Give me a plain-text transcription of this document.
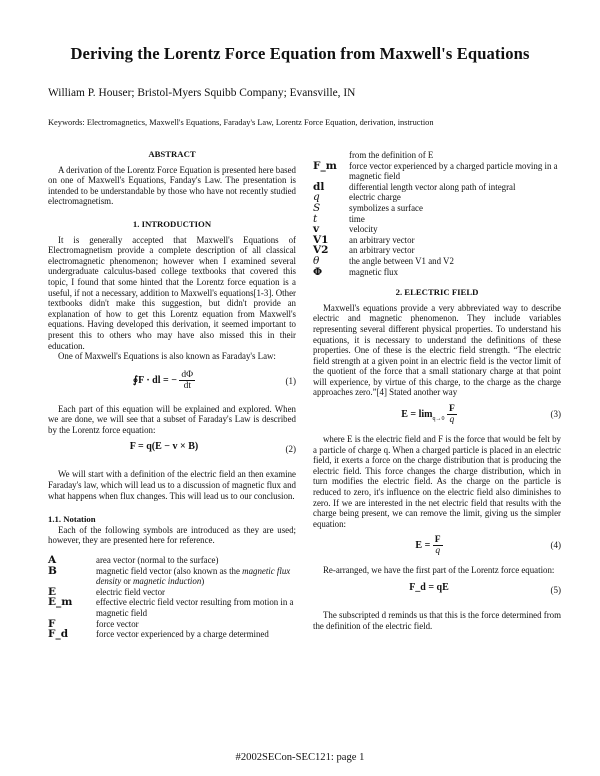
Deriving the Lorentz Force Equation from Maxwell's Equations
William P. Houser; Bristol-Myers Squibb Company; Evansville, IN
Keywords: Electromagnetics, Maxwell's Equations, Faraday's Law, Lorentz Force Equation, derivation, instruction
ABSTRACT

A derivation of the Lorentz Force Equation is presented here based on one of Maxwell's Equations, Fanday's Law. The presentation is intended to be understandable by those who have not recently studied electromagnetism.

1. INTRODUCTION

It is generally accepted that Maxwell's Equations of Electromagnetism provide a complete description of all classical electromagnetic phenomenon; however when I examined several undergraduate calculus-based college textbooks that covered this topic, I found that some hinted that the Lorentz force equation is a useful, if not a necessary, addition to Maxwell's equations[1-3]. Other textbooks didn't make this suggestion, but didn't provide an explanation of how to get this Lorentz equation from Maxwell's equations. Having developed this derivation, it seemed important to present this to others who may have also missed this in their education.

One of Maxwell's Equations is also known as Faraday's Law:

∮F · dl = − $\frac{d\Phi}{dt}$	(1)

Each part of this equation will be explained and explored. When we are done, we will see that a subset of Faraday's Law is described by the Lorentz force equation:

F = q(E − v × B)	(2)

We will start with a definition of the electric field an then examine Faraday's law, which will lead us to a discussion of magnetic flux and what happens when flux changes. This will lead us to our conclusion.

1.1. Notation

Each of the following symbols are introduced as they are used; however, they are presented here for reference.

A	area vector (normal to the surface)
B	magnetic field vector (also known as the magnetic flux density or magnetic induction)
E	electric field vector
E_m	effective electric field vector resulting from motion in a magnetic field
F	force vector
F_d	force vector experienced by a charge determined
from the definition of E
F_m	force vector experienced by a charged particle moving in a magnetic field
dl	differential length vector along path of integral
q	electric charge
S	symbolizes a surface
t	time
v	velocity
V1	an arbitrary vector
V2	an arbitrary vector
θ	the angle between V1 and V2
Φ	magnetic flux
2. ELECTRIC FIELD

Maxwell's equations provide a very abbreviated way to describe electric and magnetic phenomenon. They include variables representing several different physical properties. To understand his equations, it is necessary to understand the definitions of these properties. One of these is the electric field strength. “The electric field strength at a given point in an electric field is the vector limit of the quotient of the force that a small stationary charge at that point will experience, by virtue of this charge, to the charge as the charge approaches zero.”[4] Stated another way

$E = \lim_{q\to 0} \frac{F}{q}$	(3)

where E is the electric field and F is the force that would be felt by a particle of charge q. When a charged particle is placed in an electric field, it exerts a force on the charge distribution that is producing the electric field. This force changes the charge distribution, which in turn modifies the electric field. As the charge on the particle is reduced to zero, it's influence on the electric field also diminishes to zero. If we are interested in the net electric field that results with the charge being present, we can remove the limit, giving us the simpler equation:

$E = \frac{F}{q}$	(4)

Re-arranged, we have the first part of the Lorentz force equation:

F_d = qE	(5)

The subscripted d reminds us that this is the force determined from the definition of the electric field.

#2002SECon-SEC121: page 1
